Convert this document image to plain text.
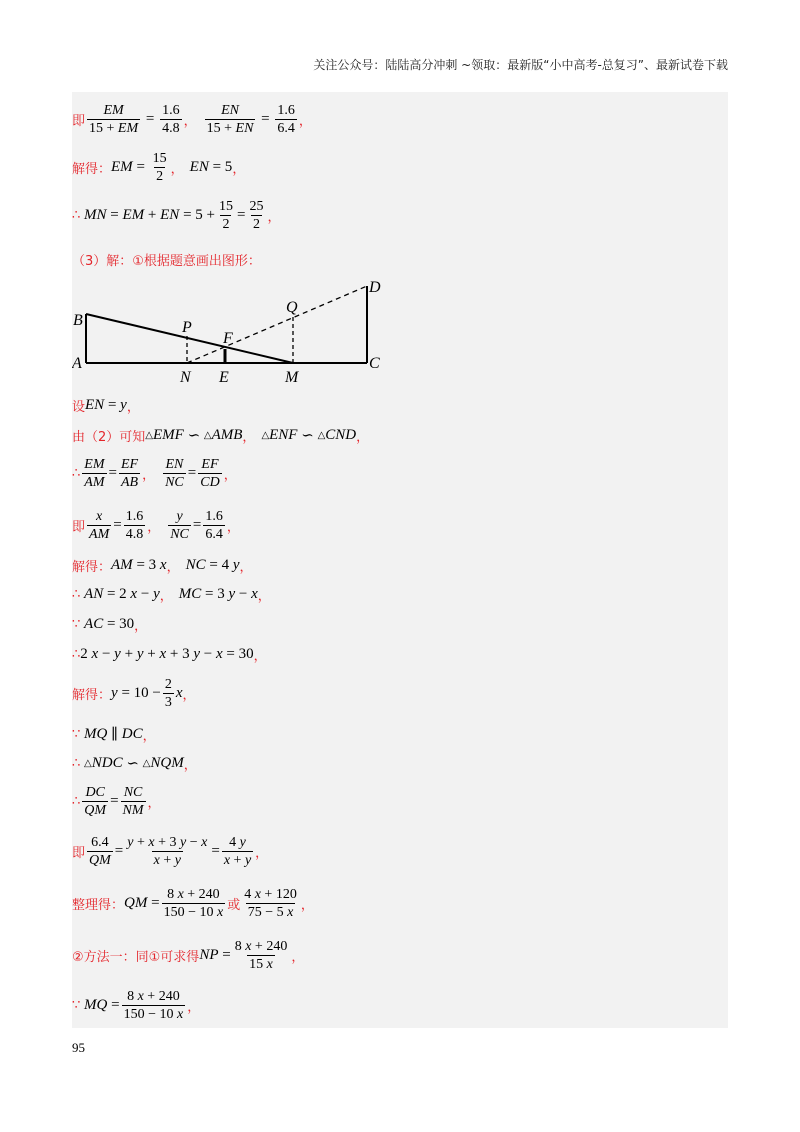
关注公众号：陆陆高分冲刺 ~领取：最新版“小中高考-总复习”、最新试卷下载
即 $\frac{EM}{15 + EM} = \frac{1.6}{4.8}$ ， $\frac{EN}{15 + EN} = \frac{1.6}{6.4}$ ，
解得： EM = $\frac{15}{2}$ ， EN = 5 ，
∴
MN = EM + EN = $5 + \frac{15}{2} = \frac{25}{2}$ ，
（3）解：①根据题意画出图形：
B
A
P
F
Q
D
N E	M
C
设 EN = y ，
由（2）可知 △ EMF ∽ △ AMB ， △ ENF ∽ △ CND ，
∴ $\frac{EM}{AM} = \frac{EF}{AB}$ ， $\frac{EN}{NC} = \frac{EF}{CD}$ ，
即 $\frac{x}{AM} = \frac{1.6}{4.8}$ ， $\frac{y}{NC} = \frac{1.6}{6.4}$ ，
解得： AM = 3 x ， NC = 4 y ，
∴
AN = 2 x − y ， MC = 3 y − x ，
∵
AC = 30 ，
∴ 2 x − y + y + x + 3 y − x = 30 ，
解得： $y = 10 - \frac{2}{3}$ x ，
∵
MQ ∥ DC ，
∴
△ NDC ∽ △ NQM ，
∴ $\frac{DC}{QM} = \frac{NC}{NM}$ ，
即 $\frac{6.4}{QM} = \frac{y + x + 3 y - x}{x + y} = \frac{4 y}{x + y}$ ，
整理得： QM = $\frac{8 x + 240}{150 - 10 x}$ 或 $\frac{4 x + 120}{75 - 5 x}$ ，
②方法一：同①可求得 NP = $\frac{8 x + 240}{15 x}$ ，
∵
MQ = $\frac{8 x + 240}{150 - 10 x}$ ，
95
